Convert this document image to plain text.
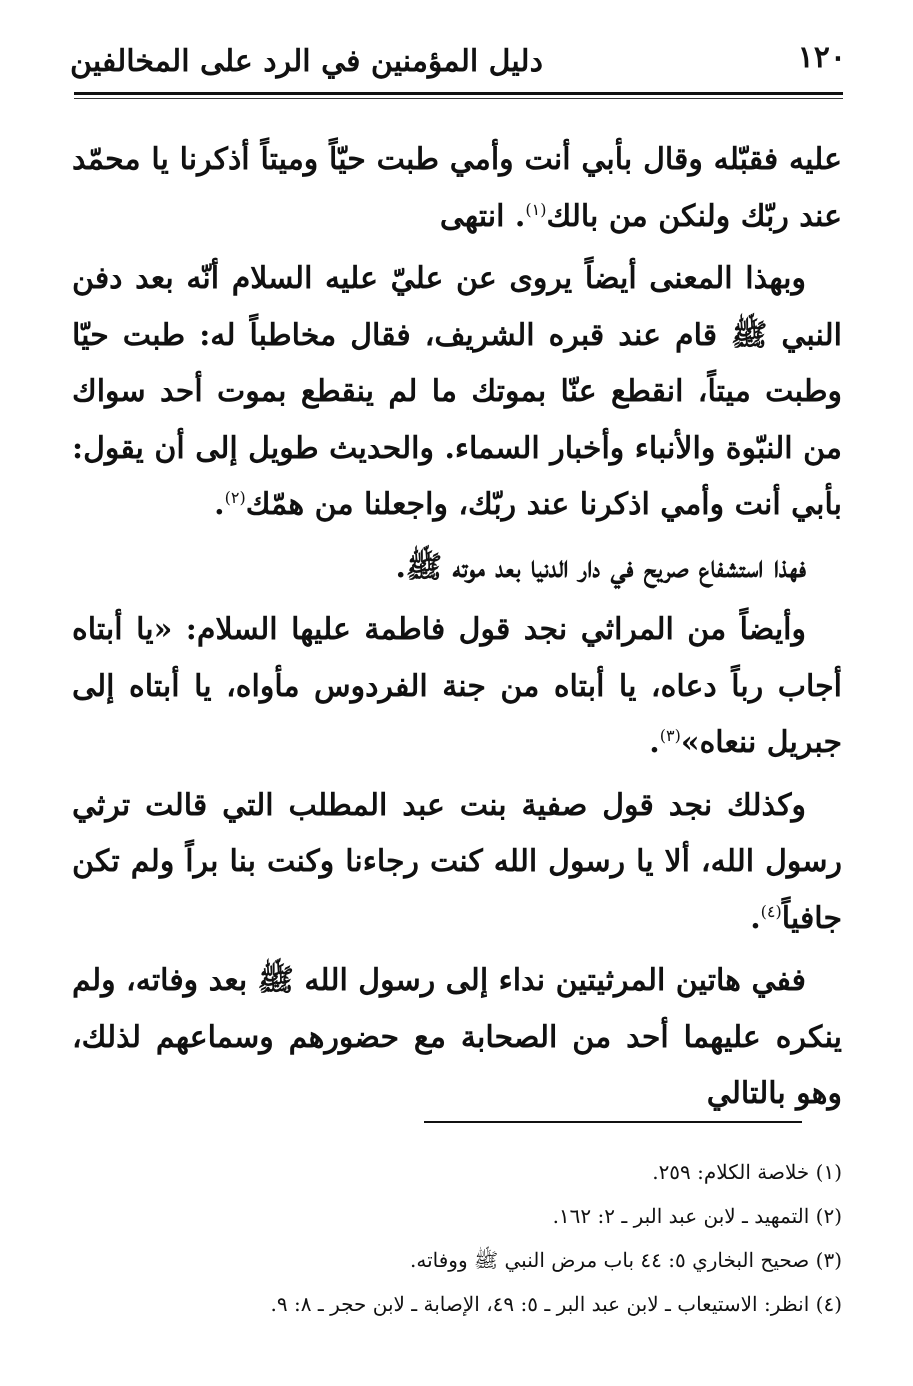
دليل المؤمنين في الرد على المخالفين	١٢٠

عليه فقبّله وقال بأبي أنت وأمي طبت حيّاً وميتاً أذكرنا يا محمّد عند ربّك ولنكن من بالك$^{(١)}$. انتهى

وبهذا المعنى أيضاً يروى عن عليّ عليه السلام أنّه بعد دفن النبي ﷺ قام عند قبره الشريف، فقال مخاطباً له: طبت حيّا وطبت ميتاً، انقطع عنّا بموتك ما لم ينقطع بموت أحد سواك من النبّوة والأنباء وأخبار السماء. والحديث طويل إلى أن يقول: بأبي أنت وأمي اذكرنا عند ربّك، واجعلنا من همّك$^{(٢)}$.

فهذا استشفاع صريح في دار الدنيا بعد موته ﷺ.

وأيضاً من المراثي نجد قول فاطمة عليها السلام: «يا أبتاه أجاب رباً دعاه، يا أبتاه من جنة الفردوس مأواه، يا أبتاه إلى جبريل ننعاه»$^{(٣)}$.

وكذلك نجد قول صفية بنت عبد المطلب التي قالت ترثي رسول الله، ألا يا رسول الله كنت رجاءنا وكنت بنا براً ولم تكن جافياً$^{(٤)}$.

ففي هاتين المرثيتين نداء إلى رسول الله ﷺ بعد وفاته، ولم ينكره عليهما أحد من الصحابة مع حضورهم وسماعهم لذلك، وهو بالتالي

(١) خلاصة الكلام: ٢٥٩.
(٢) التمهيد ـ لابن عبد البر ـ ٢: ١٦٢.
(٣) صحيح البخاري ٥: ٤٤ باب مرض النبي ﷺ ووفاته.
(٤) انظر: الاستيعاب ـ لابن عبد البر ـ ٥: ٤٩، الإصابة ـ لابن حجر ـ ٨: ٩.
